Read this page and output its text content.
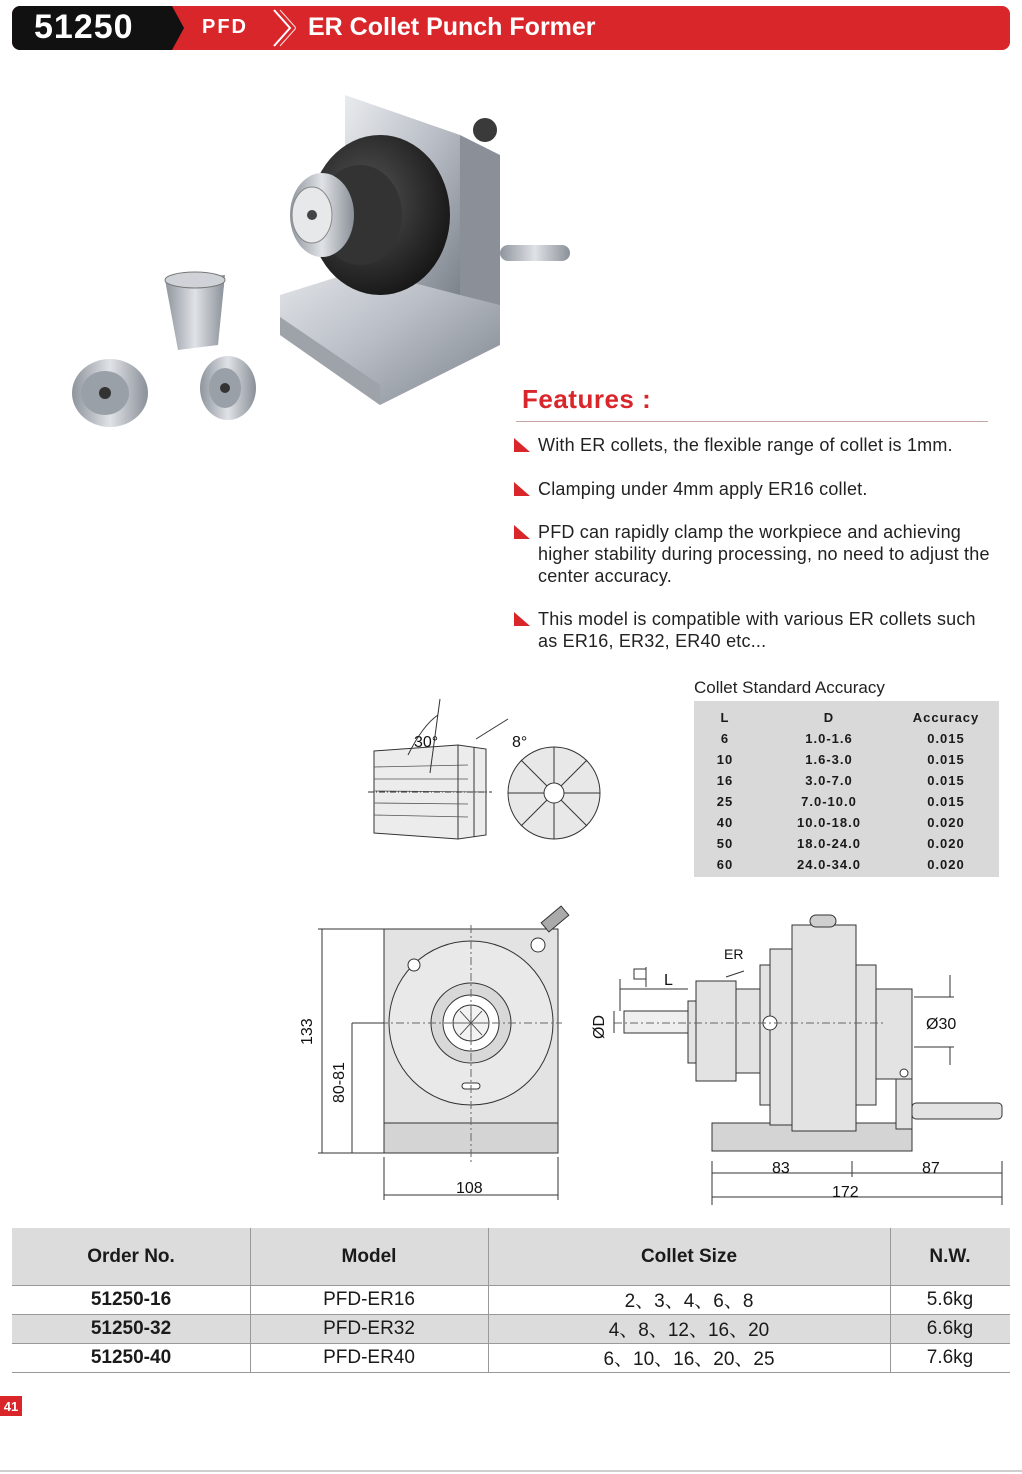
51250	PFD ER Collet Punch Former
Features :
With ER collets, the flexible range of collet is 1mm.
Clamping under 4mm apply ER16 collet.
PFD can rapidly clamp the workpiece and achieving higher stability during processing, no need to adjust the center accuracy.
This model is compatible with various ER collets such as ER16, ER32, ER40 etc...
30°	8°
Collet Standard Accuracy
L	D	Accuracy
6	1.0-1.6	0.015
10	1.6-3.0	0.015
16	3.0-7.0	0.015
25	7.0-10.0	0.015
40	10.0-18.0	0.020
50	18.0-24.0	0.020
60	24.0-34.0	0.020
133
80-81
108
ER
L
ØD	Ø30
83	87
172
Order No.	Model	Collet Size	N.W.
51250-16	PFD-ER16	2、3、4、6、8	5.6kg
51250-32	PFD-ER32	4、8、12、16、20	6.6kg
51250-40	PFD-ER40	6、10、16、20、25	7.6kg
41
